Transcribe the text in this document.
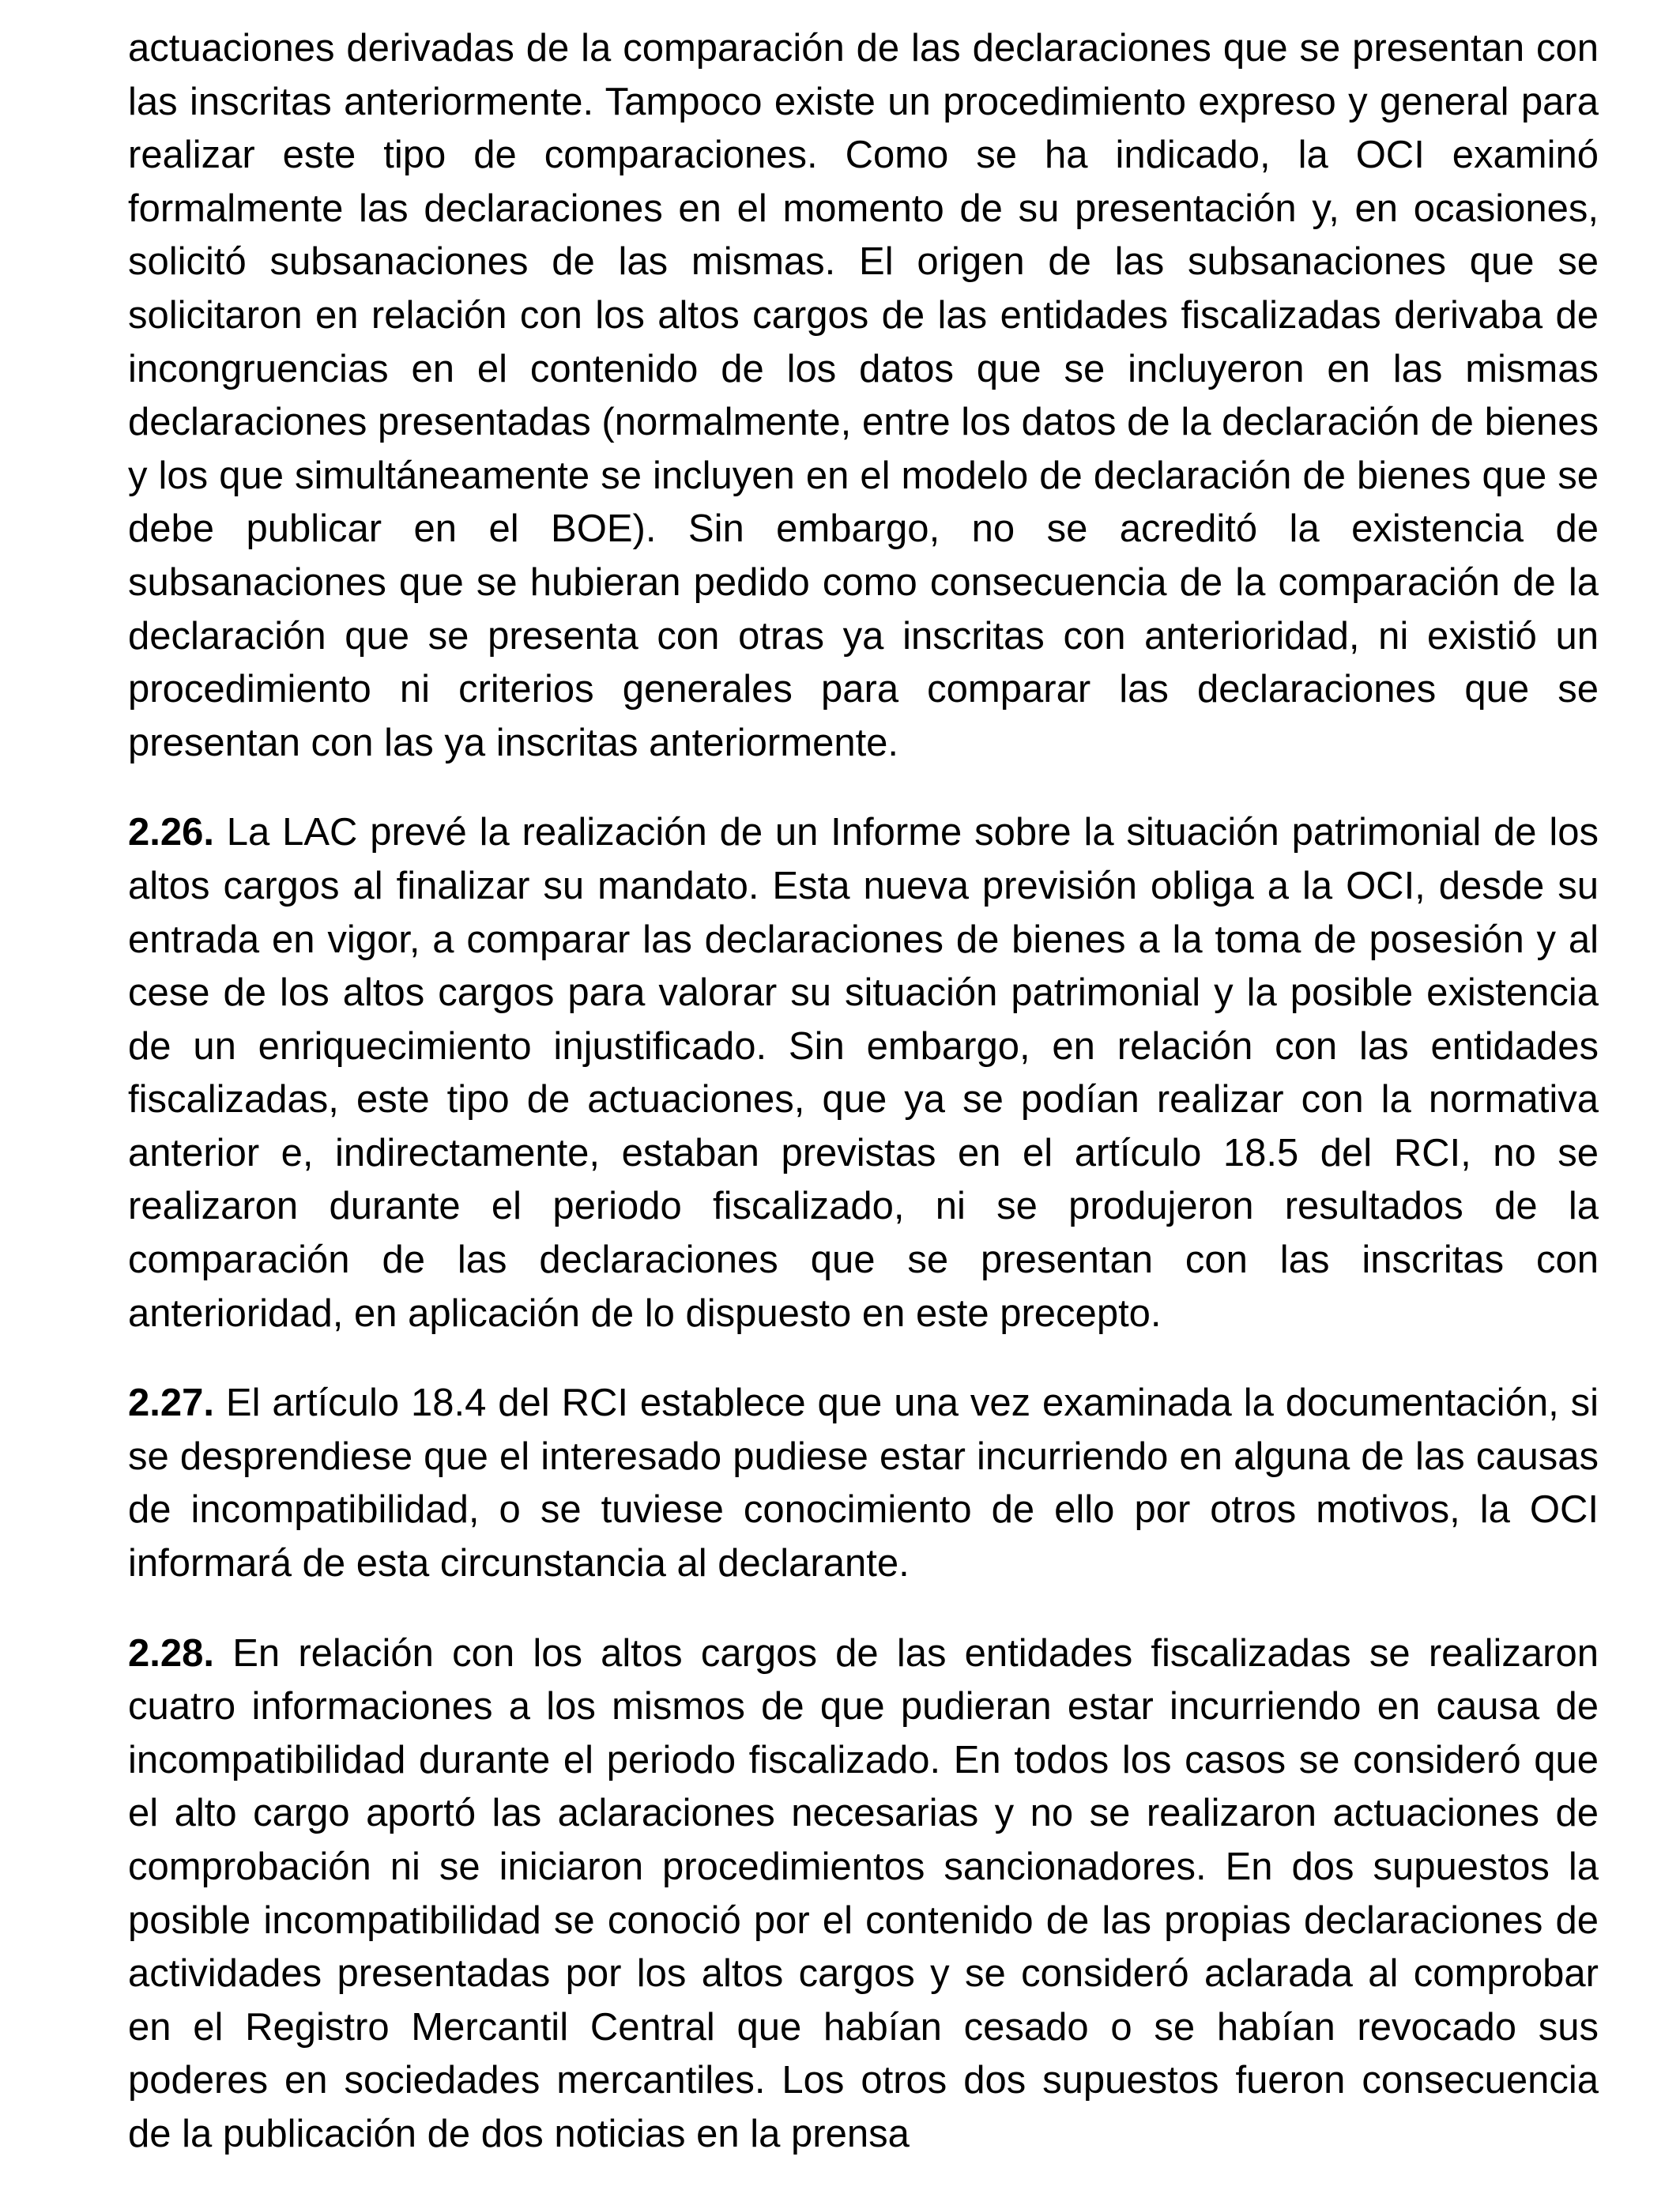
actuaciones derivadas de la comparación de las declaraciones que se presentan con las inscritas anteriormente. Tampoco existe un procedimiento expreso y general para realizar este tipo de comparaciones. Como se ha indicado, la OCI examinó formalmente las declaraciones en el momento de su presentación y, en ocasiones, solicitó subsanaciones de las mismas. El origen de las subsanaciones que se solicitaron en relación con los altos cargos de las entidades fiscalizadas derivaba de incongruencias en el contenido de los datos que se incluyeron en las mismas declaraciones presentadas (normalmente, entre los datos de la declaración de bienes y los que simultáneamente se incluyen en el modelo de declaración de bienes que se debe publicar en el BOE). Sin embargo, no se acreditó la existencia de subsanaciones que se hubieran pedido como consecuencia de la comparación de la declaración que se presenta con otras ya inscritas con anterioridad, ni existió un procedimiento ni criterios generales para comparar las declaraciones que se presentan con las ya inscritas anteriormente.

2.26. La LAC prevé la realización de un Informe sobre la situación patrimonial de los altos cargos al finalizar su mandato. Esta nueva previsión obliga a la OCI, desde su entrada en vigor, a comparar las declaraciones de bienes a la toma de posesión y al cese de los altos cargos para valorar su situación patrimonial y la posible existencia de un enriquecimiento injustificado. Sin embargo, en relación con las entidades fiscalizadas, este tipo de actuaciones, que ya se podían realizar con la normativa anterior e, indirectamente, estaban previstas en el artículo 18.5 del RCI, no se realizaron durante el periodo fiscalizado, ni se produjeron resultados de la comparación de las declaraciones que se presentan con las inscritas con anterioridad, en aplicación de lo dispuesto en este precepto.

2.27. El artículo 18.4 del RCI establece que una vez examinada la documentación, si se desprendiese que el interesado pudiese estar incurriendo en alguna de las causas de incompatibilidad, o se tuviese conocimiento de ello por otros motivos, la OCI informará de esta circunstancia al declarante.

2.28. En relación con los altos cargos de las entidades fiscalizadas se realizaron cuatro informaciones a los mismos de que pudieran estar incurriendo en causa de incompatibilidad durante el periodo fiscalizado. En todos los casos se consideró que el alto cargo aportó las aclaraciones necesarias y no se realizaron actuaciones de comprobación ni se iniciaron procedimientos sancionadores. En dos supuestos la posible incompatibilidad se conoció por el contenido de las propias declaraciones de actividades presentadas por los altos cargos y se consideró aclarada al comprobar en el Registro Mercantil Central que habían cesado o se habían revocado sus poderes en sociedades mercantiles. Los otros dos supuestos fueron consecuencia de la publicación de dos noticias en la prensa
